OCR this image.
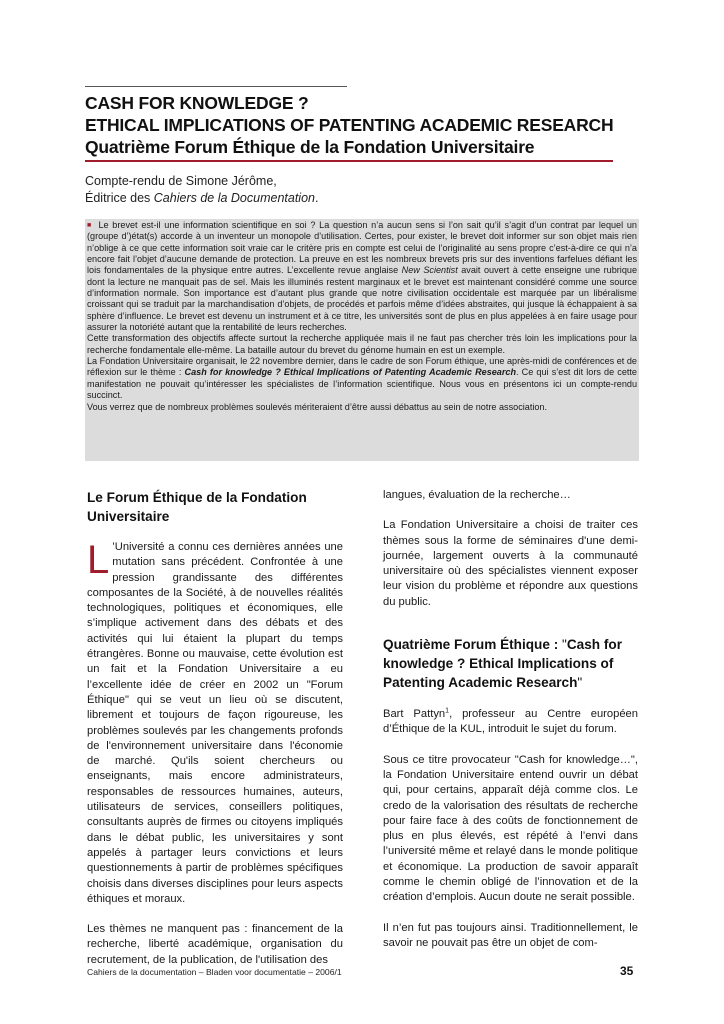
CASH FOR KNOWLEDGE ?
ETHICAL IMPLICATIONS OF PATENTING ACADEMIC RESEARCH
Quatrième Forum Éthique de la Fondation Universitaire
Compte-rendu de Simone Jérôme,
Éditrice des Cahiers de la Documentation.

■ Le brevet est-il une information scientifique en soi ? La question n’a aucun sens si l’on sait qu’il s’agit d’un contrat par lequel un (groupe d’)état(s) accorde à un inventeur un monopole d’utilisation. Certes, pour exister, le brevet doit informer sur son objet mais rien n’oblige à ce que cette information soit vraie car le critère pris en compte est celui de l’originalité au sens propre c’est-à-dire ce qui n’a encore fait l’objet d’aucune demande de protection. La preuve en est les nombreux brevets pris sur des inventions farfelues défiant les lois fondamentales de la physique entre autres. L’excellente revue anglaise New Scientist avait ouvert à cette enseigne une rubrique dont la lecture ne manquait pas de sel. Mais les illuminés restent marginaux et le brevet est maintenant considéré comme une source d’information normale. Son importance est d’autant plus grande que notre civilisation occidentale est marquée par un libéralisme croissant qui se traduit par la marchandisation d’objets, de procédés et parfois même d’idées abstraites, qui jusque là échappaient à sa sphère d’influence. Le brevet est devenu un instrument et à ce titre, les universités sont de plus en plus appelées à en faire usage pour assurer la notoriété autant que la rentabilité de leurs recherches.

Cette transformation des objectifs affecte surtout la recherche appliquée mais il ne faut pas chercher très loin les implications pour la recherche fondamentale elle-même. La bataille autour du brevet du génome humain en est un exemple.

La Fondation Universitaire organisait, le 22 novembre dernier, dans le cadre de son Forum éthique, une après-midi de conférences et de réflexion sur le thème : Cash for knowledge ? Ethical Implications of Patenting Academic Research. Ce qui s’est dit lors de cette manifestation ne pouvait qu’intéresser les spécialistes de l’information scientifique. Nous vous en présentons ici un compte-rendu succinct.

Vous verrez que de nombreux problèmes soulevés mériteraient d’être aussi débattus au sein de notre association.

Le Forum Éthique de la Fondation Universitaire

L ’Université a connu ces dernières années une mutation sans précédent. Confrontée à une pression grandissante des différentes composantes de la Société, à de nouvelles réalités technologiques, politiques et économiques, elle s’implique activement dans des débats et des activités qui lui étaient la plupart du temps étrangères. Bonne ou mauvaise, cette évolution est un fait et la Fondation Universitaire a eu l’excellente idée de créer en 2002 un "Forum Éthique" qui se veut un lieu où se discutent, librement et toujours de façon rigoureuse, les problèmes soulevés par les changements profonds de l'environnement universitaire dans l'économie de marché. Qu'ils soient chercheurs ou enseignants, mais encore administrateurs, responsables de ressources humaines, auteurs, utilisateurs de services, conseillers politiques, consultants auprès de firmes ou citoyens impliqués dans le débat public, les universitaires y sont appelés à partager leurs convictions et leurs questionnements à partir de problèmes spécifiques choisis dans diverses disciplines pour leurs aspects éthiques et moraux.

Les thèmes ne manquent pas : financement de la recherche, liberté académique, organisation du recrutement, de la publication, de l'utilisation des

langues, évaluation de la recherche…

La Fondation Universitaire a choisi de traiter ces thèmes sous la forme de séminaires d'une demi-journée, largement ouverts à la communauté universitaire où des spécialistes viennent exposer leur vision du problème et répondre aux questions du public.

Quatrième Forum Éthique : "Cash for knowledge ? Ethical Implications of Patenting Academic Research"

Bart Pattyn$^1$, professeur au Centre européen d’Éthique de la KUL, introduit le sujet du forum.

Sous ce titre provocateur "Cash for knowledge…", la Fondation Universitaire entend ouvrir un débat qui, pour certains, apparaît déjà comme clos. Le credo de la valorisation des résultats de recherche pour faire face à des coûts de fonctionnement de plus en plus élevés, est répété à l’envi dans l’université même et relayé dans le monde politique et économique. La production de savoir apparaît comme le chemin obligé de l’innovation et de la création d’emplois. Aucun doute ne serait possible.

Il n’en fut pas toujours ainsi. Traditionnellement, le savoir ne pouvait pas être un objet de com-

Cahiers de la documentation – Bladen voor documentatie – 2006/1	35
